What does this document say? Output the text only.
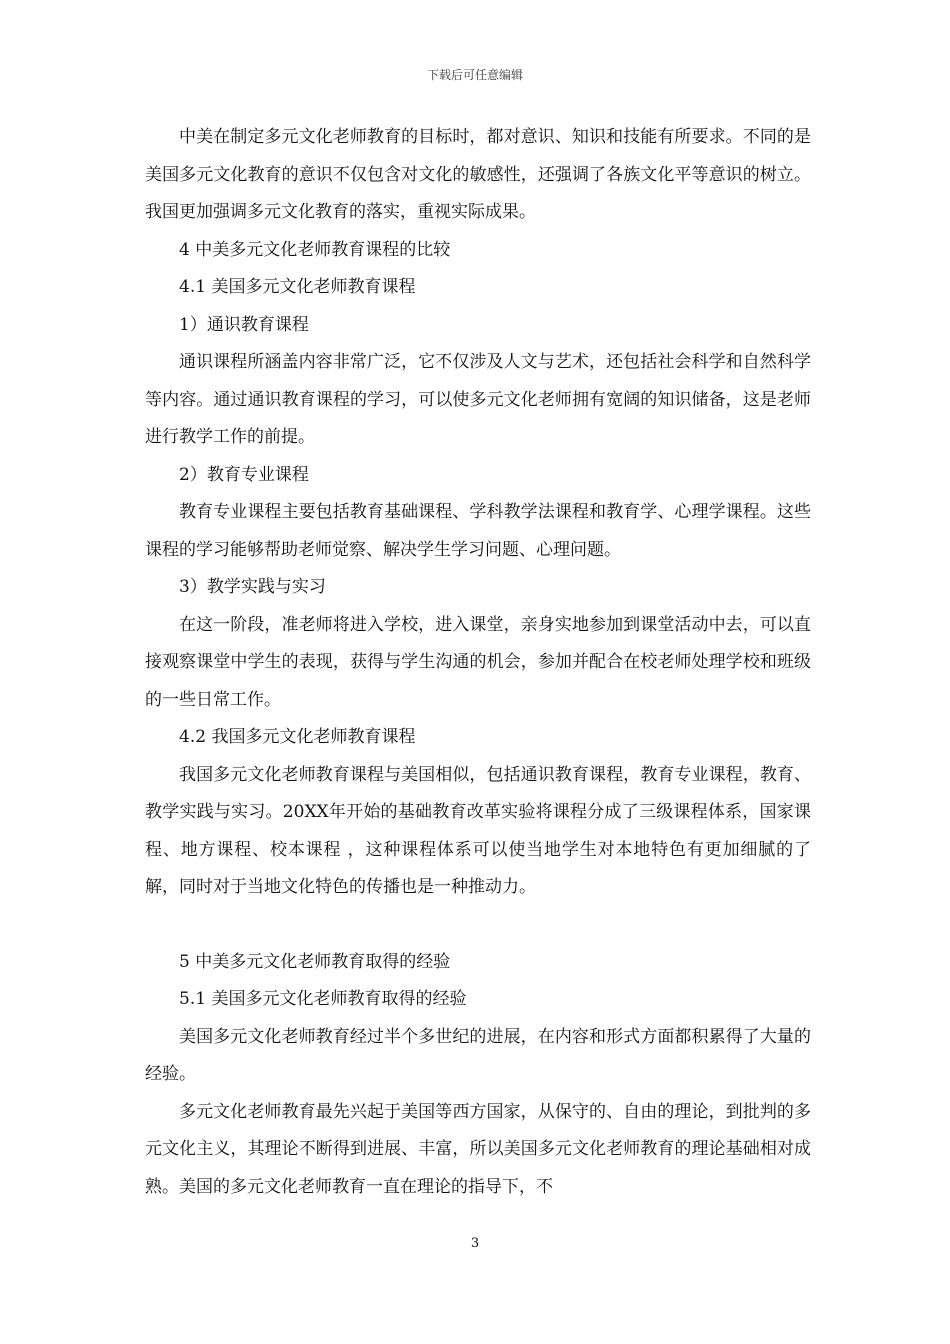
下载后可任意编辑

中美在制定多元文化老师教育的目标时，都对意识、知识和技能有所要求。不同的是美国多元文化教育的意识不仅包含对文化的敏感性，还强调了各族文化平等意识的树立。我国更加强调多元文化教育的落实，重视实际成果。

4 中美多元文化老师教育课程的比较

4.1 美国多元文化老师教育课程

1）通识教育课程

通识课程所涵盖内容非常广泛，它不仅涉及人文与艺术，还包括社会科学和自然科学等内容。通过通识教育课程的学习，可以使多元文化老师拥有宽阔的知识储备，这是老师进行教学工作的前提。

2）教育专业课程

教育专业课程主要包括教育基础课程、学科教学法课程和教育学、心理学课程。这些课程的学习能够帮助老师觉察、解决学生学习问题、心理问题。

3）教学实践与实习

在这一阶段，准老师将进入学校，进入课堂，亲身实地参加到课堂活动中去，可以直接观察课堂中学生的表现，获得与学生沟通的机会，参加并配合在校老师处理学校和班级的一些日常工作。

4.2 我国多元文化老师教育课程

我国多元文化老师教育课程与美国相似，包括通识教育课程，教育专业课程，教育、教学实践与实习。20XX年开始的基础教育改革实验将课程分成了三级课程体系，国家课程、地方课程、校本课程 ，这种课程体系可以使当地学生对本地特色有更加细腻的了解，同时对于当地文化特色的传播也是一种推动力。

5 中美多元文化老师教育取得的经验

5.1 美国多元文化老师教育取得的经验

美国多元文化老师教育经过半个多世纪的进展，在内容和形式方面都积累得了大量的经验。

多元文化老师教育最先兴起于美国等西方国家，从保守的、自由的理论，到批判的多元文化主义，其理论不断得到进展、丰富，所以美国多元文化老师教育的理论基础相对成熟。美国的多元文化老师教育一直在理论的指导下，不

3
